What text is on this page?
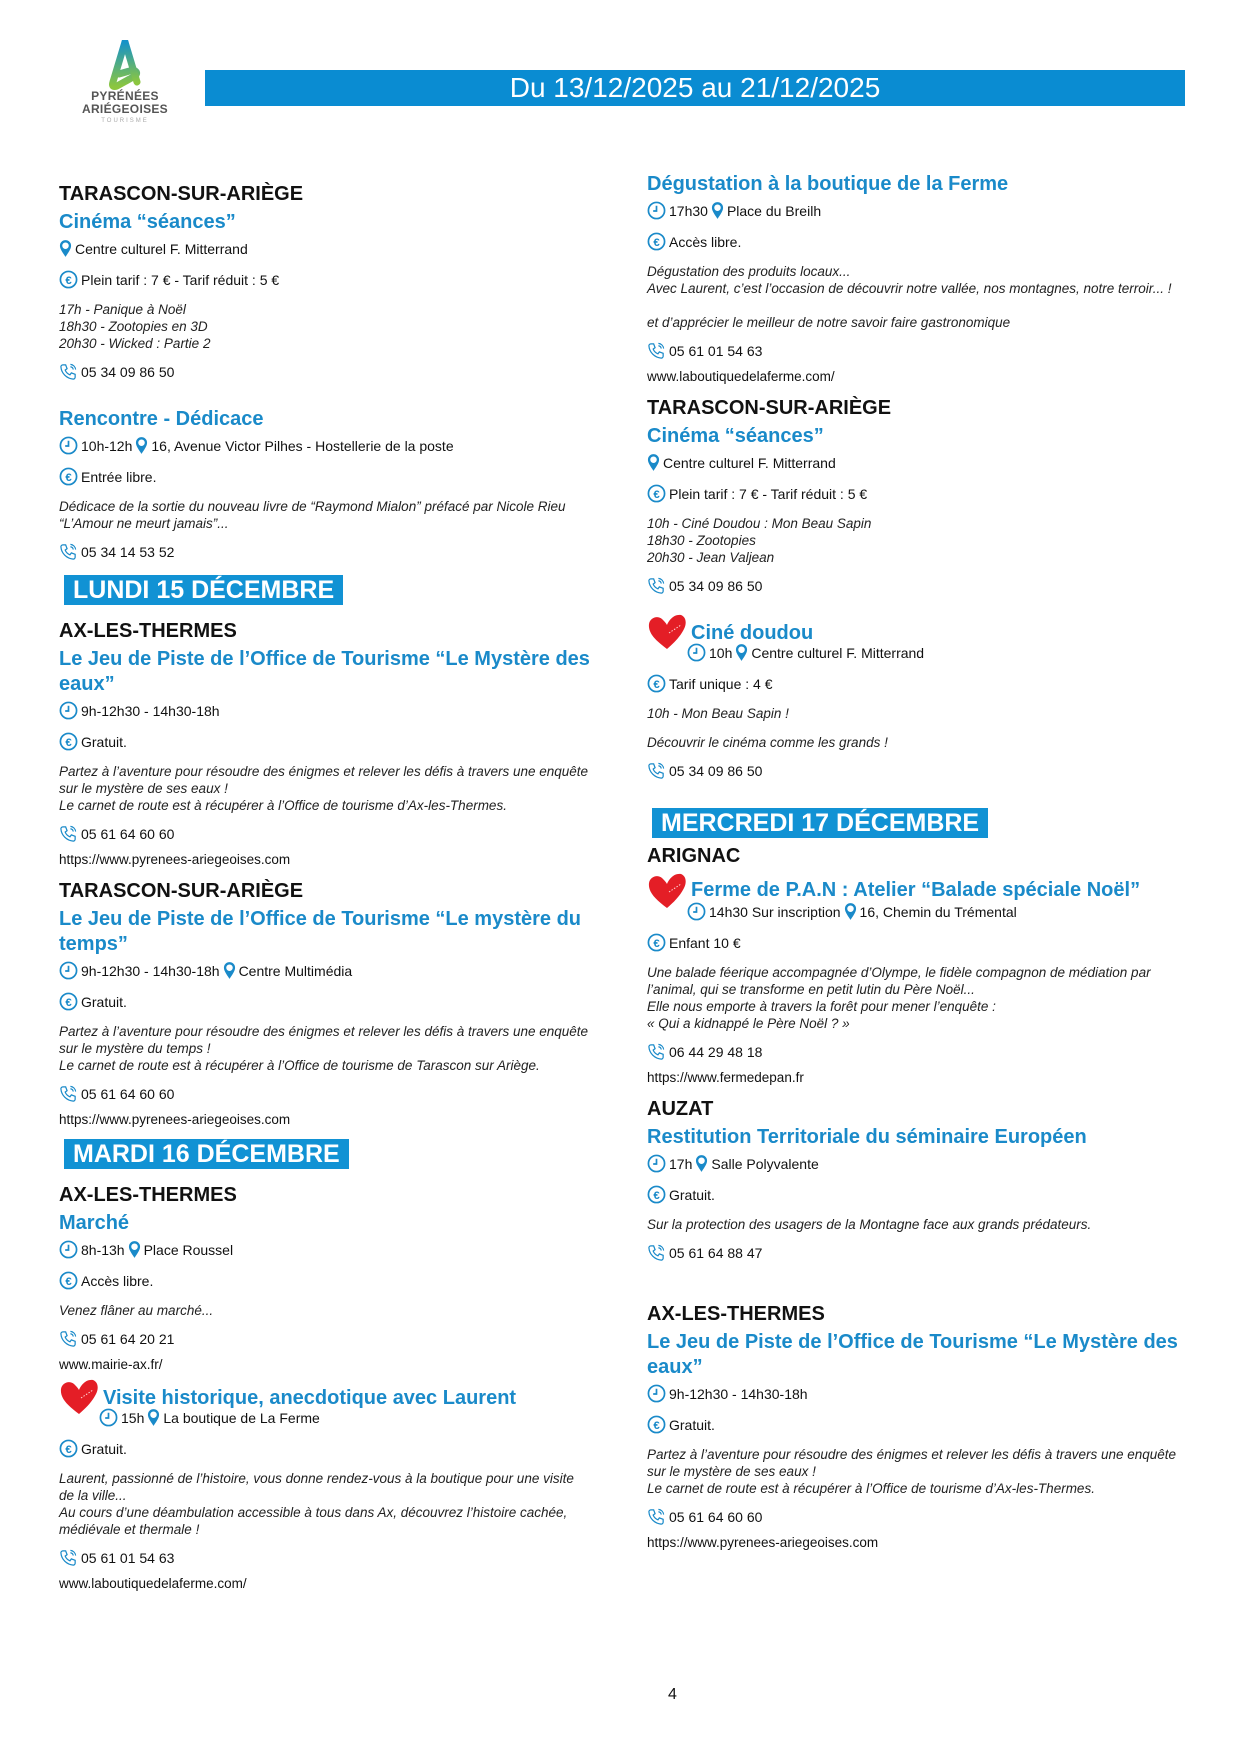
PYRÉNÉES
ARIÉGEOISES
TOURISME
Du 13/12/2025 au 21/12/2025
TARASCON-SUR-ARIÈGE
Cinéma “séances”
Centre culturel F. Mitterrand
Plein tarif : 7 € - Tarif réduit : 5 €
17h - Panique à Noël
18h30 - Zootopies en 3D
20h30 - Wicked : Partie 2
05 34 09 86 50
Rencontre - Dédicace
10h-12h 16, Avenue Victor Pilhes - Hostellerie de la poste
Entrée libre.
Dédicace de la sortie du nouveau livre de “Raymond Mialon” préfacé par Nicole Rieu
“L’Amour ne meurt jamais”...
05 34 14 53 52
LUNDI 15 DÉCEMBRE
AX-LES-THERMES
Le Jeu de Piste de l’Office de Tourisme “Le Mystère des eaux”
9h-12h30 - 14h30-18h
Gratuit.
Partez à l’aventure pour résoudre des énigmes et relever les défis à travers une enquête
sur le mystère de ses eaux !
Le carnet de route est à récupérer à l’Office de tourisme d’Ax-les-Thermes.
05 61 64 60 60
https://www.pyrenees-ariegeoises.com
TARASCON-SUR-ARIÈGE
Le Jeu de Piste de l’Office de Tourisme “Le mystère du temps”
9h-12h30 - 14h30-18h Centre Multimédia
Gratuit.
Partez à l’aventure pour résoudre des énigmes et relever les défis à travers une enquête
sur le mystère du temps !
Le carnet de route est à récupérer à l’Office de tourisme de Tarascon sur Ariège.
05 61 64 60 60
https://www.pyrenees-ariegeoises.com
MARDI 16 DÉCEMBRE
AX-LES-THERMES
Marché
8h-13h Place Roussel
Accès libre.
Venez flâner au marché...
05 61 64 20 21
www.mairie-ax.fr/
Visite historique, anecdotique avec Laurent
15h La boutique de La Ferme
Gratuit.
Laurent, passionné de l’histoire, vous donne rendez-vous à la boutique pour une visite
de la ville...
Au cours d’une déambulation accessible à tous dans Ax, découvrez l’histoire cachée,
médiévale et thermale !
05 61 01 54 63
www.laboutiquedelaferme.com/
Dégustation à la boutique de la Ferme
17h30 Place du Breilh
Accès libre.
Dégustation des produits locaux...
Avec Laurent, c’est l’occasion de découvrir notre vallée, nos montagnes, notre terroir... !
et d’apprécier le meilleur de notre savoir faire gastronomique
05 61 01 54 63
www.laboutiquedelaferme.com/
TARASCON-SUR-ARIÈGE
Cinéma “séances”
Centre culturel F. Mitterrand
Plein tarif : 7 € - Tarif réduit : 5 €
10h - Ciné Doudou : Mon Beau Sapin
18h30 - Zootopies
20h30 - Jean Valjean
05 34 09 86 50
Ciné doudou
10h Centre culturel F. Mitterrand
Tarif unique : 4 €
10h - Mon Beau Sapin !
Découvrir le cinéma comme les grands !
05 34 09 86 50
MERCREDI 17 DÉCEMBRE
ARIGNAC
Ferme de P.A.N : Atelier “Balade spéciale Noël”
14h30 Sur inscription 16, Chemin du Trémental
Enfant 10 €
Une balade féerique accompagnée d’Olympe, le fidèle compagnon de médiation par
l’animal, qui se transforme en petit lutin du Père Noël...
Elle nous emporte à travers la forêt pour mener l’enquête :
« Qui a kidnappé le Père Noël ? »
06 44 29 48 18
https://www.fermedepan.fr
AUZAT
Restitution Territoriale du séminaire Européen
17h Salle Polyvalente
Gratuit.
Sur la protection des usagers de la Montagne face aux grands prédateurs.
05 61 64 88 47
AX-LES-THERMES
Le Jeu de Piste de l’Office de Tourisme “Le Mystère des eaux”
9h-12h30 - 14h30-18h
Gratuit.
Partez à l’aventure pour résoudre des énigmes et relever les défis à travers une enquête
sur le mystère de ses eaux !
Le carnet de route est à récupérer à l’Office de tourisme d’Ax-les-Thermes.
05 61 64 60 60
https://www.pyrenees-ariegeoises.com
4
